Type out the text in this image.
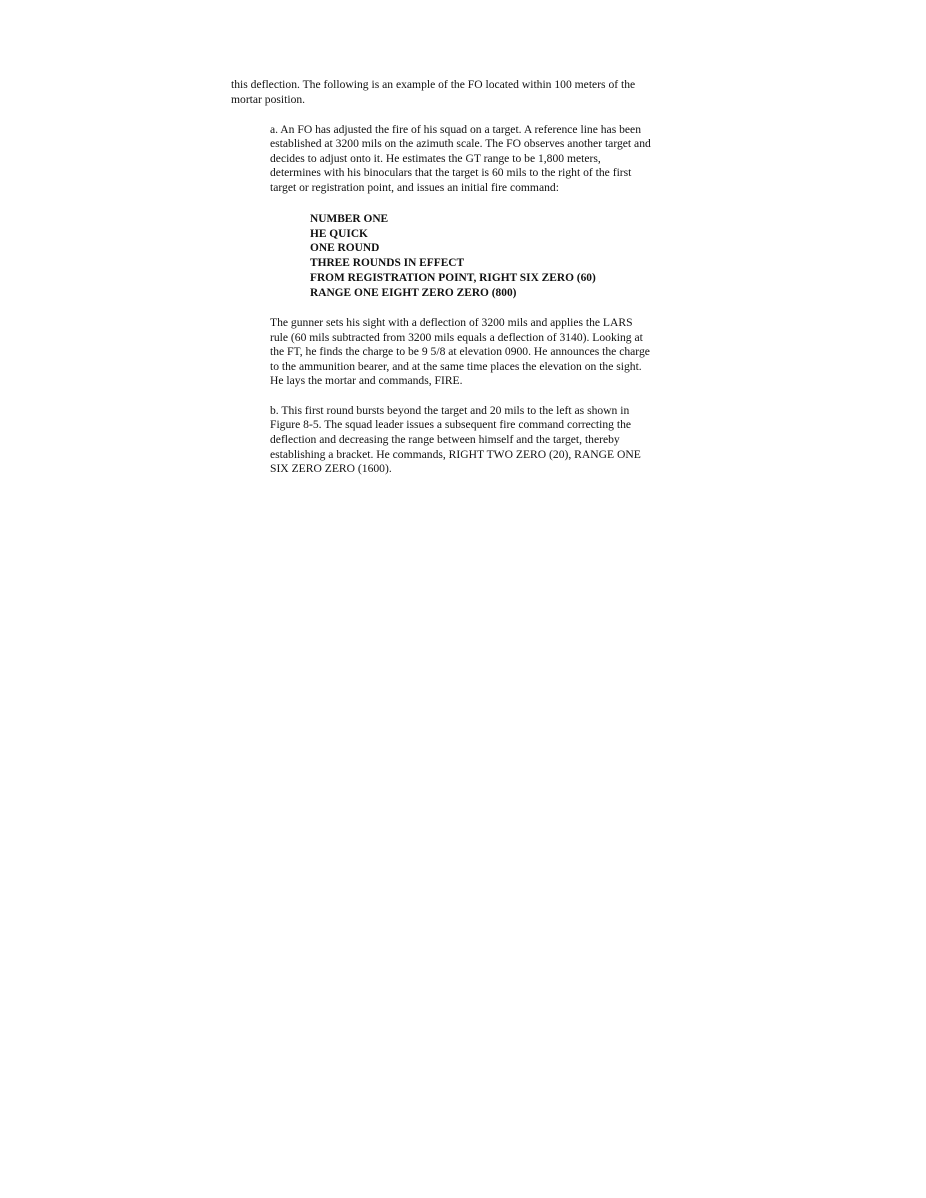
this deflection. The following is an example of the FO located within 100 meters of the
mortar position.
a. An FO has adjusted the fire of his squad on a target. A reference line has been
established at 3200 mils on the azimuth scale. The FO observes another target and
decides to adjust onto it. He estimates the GT range to be 1,800 meters,
determines with his binoculars that the target is 60 mils to the right of the first
target or registration point, and issues an initial fire command:
NUMBER ONE
HE QUICK
ONE ROUND
THREE ROUNDS IN EFFECT
FROM REGISTRATION POINT, RIGHT SIX ZERO (60)
RANGE ONE EIGHT ZERO ZERO (800)
The gunner sets his sight with a deflection of 3200 mils and applies the LARS
rule (60 mils subtracted from 3200 mils equals a deflection of 3140). Looking at
the FT, he finds the charge to be 9 5/8 at elevation 0900. He announces the charge
to the ammunition bearer, and at the same time places the elevation on the sight.
He lays the mortar and commands, FIRE.
b. This first round bursts beyond the target and 20 mils to the left as shown in
Figure 8-5. The squad leader issues a subsequent fire command correcting the
deflection and decreasing the range between himself and the target, thereby
establishing a bracket. He commands, RIGHT TWO ZERO (20), RANGE ONE
SIX ZERO ZERO (1600).
